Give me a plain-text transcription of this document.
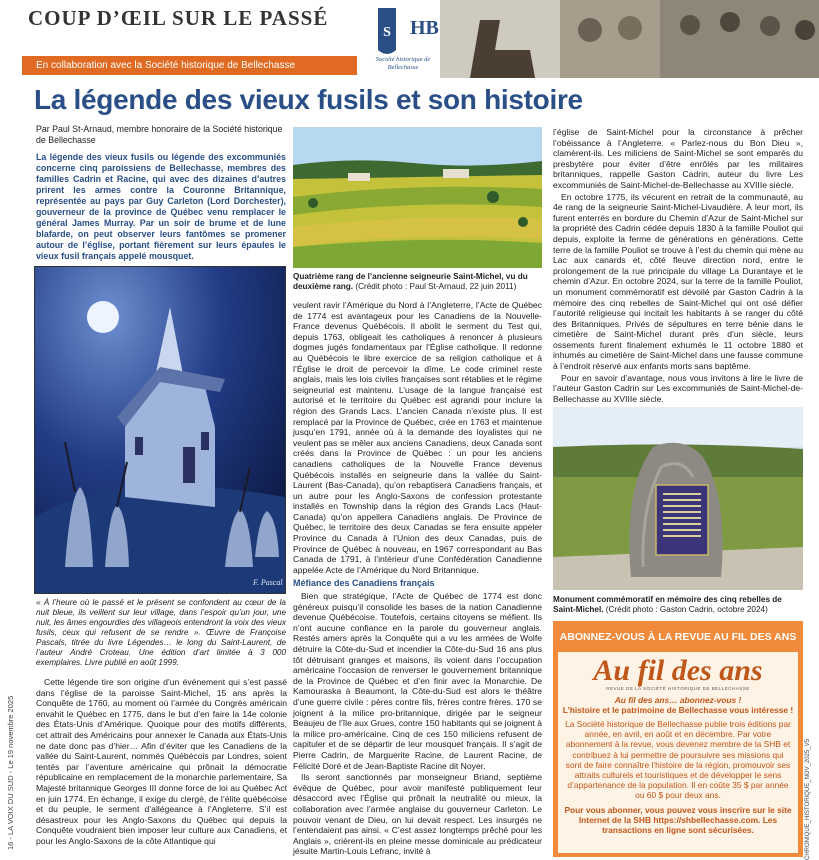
COUP D’ŒIL SUR LE PASSÉ
En collaboration avec la Société historique de Bellechasse
S HB
Société historique de Bellechasse
La légende des vieux fusils et son histoire
Par Paul St-Arnaud, membre honoraire de la Société historique de Bellechasse
La légende des vieux fusils ou légende des excommuniés concerne cinq paroissiens de Bellechasse, membres des familles Cadrin et Racine, qui avec des dizaines d’autres prirent les armes contre la Couronne Britannique, représentée au pays par Guy Carleton (Lord Dorchester), gouverneur de la province de Québec venu remplacer le général James Murray. Par un soir de brume et de lune blafarde, on peut observer leurs fantômes se promener autour de l’église, portant fièrement sur leurs épaules le vieux fusil français appelé mousquet.
F. Pascal
« À l’heure où le passé et le présent se confondent au cœur de la nuit bleue, ils veillent sur leur village, dans l’espoir qu’un jour, une nuit, les âmes engourdies des villageois entendront la voix des vieux fusils, ceux qui refusent de se rendre ». Œuvre de Françoise Pascals, titrée du livre Légendes… le long du Saint-Laurent, de l’auteur André Croteau. Une édition d’art limitée à 3 000 exemplaires. Livre publié en août 1999.

Cette légende tire son origine d’un événement qui s’est passé dans l’église de la paroisse Saint-Michel, 15 ans après la Conquête de 1760, au moment où l’armée du Congrès américain envahit le Québec en 1775, dans le but d’en faire la 14e colonie des États-Unis d’Amérique. Quoique pour des motifs différents, cet attrait des Américains pour annexer le Canada aux États-Unis ne date donc pas d’hier… Afin d’éviter que les Canadiens de la vallée du Saint-Laurent, nommés Québécois par Londres, soient tentés par l’aventure américaine qui prônait la démocratie républicaine en remplacement de la monarchie parlementaire, Sa Majesté britannique Georges III donne force de loi au Québec Act en juin 1774. En échange, il exige du clergé, de l’élite québécoise et du peuple, le serment d’allégeance à l’Angleterre. S’il est désastreux pour les Anglo-Saxons du Québec qui depuis la Conquête voudraient bien imposer leur culture aux Canadiens, et pour les Anglo-Saxons de la côte Atlantique qui

Quatrième rang de l’ancienne seigneurie Saint-Michel, vu du deuxième rang. (Crédit photo : Paul St-Arnaud, 22 juin 2011)

veulent ravir l’Amérique du Nord à l’Angleterre, l’Acte de Québec de 1774 est avantageux pour les Canadiens de la Nouvelle-France devenus Québécois. Il abolit le serment du Test qui, depuis 1763, obligeait les catholiques à renoncer à plusieurs dogmes jugés fondamentaux par l’Église catholique. Il redonne au Québécois le libre exercice de sa religion catholique et à l’Église le droit de percevoir la dîme. Le code criminel reste anglais, mais les lois civiles françaises sont rétablies et le régime seigneurial est maintenu. L’usage de la langue française est autorisé et le territoire du Québec est agrandi pour inclure la région des Grands Lacs. L’ancien Canada n’existe plus. Il est remplacé par la Province de Québec, crée en 1763 et maintenue jusqu’en 1791, année où à la demande des loyalistes qui ne veulent pas se mêler aux anciens Canadiens, deux Canada sont créés dans la Province de Québec : un pour les anciens canadiens catholiques de la Nouvelle France devenus Québécois installés en seigneurie dans la vallée du Saint-Laurent (Bas-Canada), qu’on rebaptisera Canadiens français, et un autre pour les Anglo-Saxons de confession protestante installés en Township dans la région des Grands Lacs (Haut-Canada) qu’on appellera Canadiens anglais. De Province de Québec, le territoire des deux Canadas se fera ensuite appeler Province du Canada à l’Union des deux Canadas, puis de Province de Québec à nouveau, en 1967 correspondant au Bas Canada de 1791, à l’intérieur d’une Confédération Canadienne appelée Acte de l’Amérique du Nord Britannique.

Méfiance des Canadiens français

Bien que stratégique, l’Acte de Québec de 1774 est donc généreux puisqu’il consolide les bases de la nation Canadienne devenue Québécoise. Toutefois, certains citoyens se méfient. Ils n’ont aucune confiance en la parole du gouverneur anglais. Restés amers après la Conquête qui a vu les armées de Wolfe détruire la Côte-du-Sud et incendier la Côte-du-Sud 16 ans plus tôt détruisant granges et maisons, ils voient dans l’occupation américaine l’occasion de renverser le gouvernement britannique de la Province de Québec et d’en finir avec la Monarchie. De Kamouraska à Beaumont, la Côte-du-Sud est alors le théâtre d’une guerre civile : pères contre fils, frères contre frères. 170 se joignent à la milice pro-britannique, dirigée par le seigneur Beaujeu de l’île aux Grues, contre 150 habitants qui se joignent à la milice pro-américaine. Cinq de ces 150 miliciens refusent de capituler et de se départir de leur mousquet français. Il s’agit de Pierre Cadrin, de Marguerite Racine, de Laurent Racine, de Félicité Doré et de Jean-Baptiste Racine dit Noyer.

Ils seront sanctionnés par monseigneur Briand, septième évêque de Québec, pour avoir manifesté publiquement leur désaccord avec l’Église qui prônait la neutralité ou mieux, la collaboration avec l’armée anglaise du gouverneur Carleton. Le pouvoir venant de Dieu, on lui devait respect. Les insurgés ne l’entendaient pas ainsi. « C’est assez longtemps prêché pour les Anglais », crièrent-ils en pleine messe dominicale au prédicateur jésuite Martin-Louis Lefranc, invité à

l’église de Saint-Michel pour la circonstance à prêcher l’obéissance à l’Angleterre. « Parlez-nous du Bon Dieu », clamèrent-ils. Les miliciens de Saint-Michel se sont emparés du presbytère pour éviter d’être enrôlés par les militaires britanniques, rappelle Gaston Cadrin, auteur du livre Les excommuniés de Saint-Michel-de-Bellechasse au XVIIIe siècle.

En octobre 1775, ils vécurent en retrait de la communauté, au 4e rang de la seigneurie Saint-Michel-Livaudière. À leur mort, ils furent enterrés en bordure du Chemin d’Azur de Saint-Michel sur la propriété des Cadrin cédée depuis 1830 à la famille Pouliot qui depuis, exploite la ferme de générations en générations. Cette terre de la famille Pouliot se trouve à l’est du chemin qui mène au Lac aux canards et, côté fleuve direction nord, entre le prolongement de la rue principale du village La Durantaye et le chemin d’Azur. En octobre 2024, sur la terre de la famille Pouliot, un monument commémoratif est dévoilé par Gaston Cadrin à la mémoire des cinq rebelles de Saint-Michel qui ont osé défier l’autorité religieuse qui incitait les habitants à se ranger du côté des Britanniques. Privés de sépultures en terre bénie dans le cimetière de Saint-Michel durant près d’un siècle, leurs ossements furent finalement exhumés le 11 octobre 1880 et inhumés au cimetière de Saint-Michel dans une fausse commune à l’endroit réservé aux enfants morts sans baptême.

Pour en savoir d’avantage, nous vous invitons à lire le livre de l’auteur Gaston Cadrin sur Les excommuniés de Saint-Michel-de-Bellechasse au XVIIIe siècle.

Monument commémoratif en mémoire des cinq rebelles de Saint-Michel. (Crédit photo : Gaston Cadrin, octobre 2024)
ABONNEZ-VOUS À LA REVUE AU FIL DES ANS
Au fil des ans
REVUE DE LA SOCIÉTÉ HISTORIQUE DE BELLECHASSE
Au fil des ans… abonnez-vous !
L’histoire et le patrimoine de Bellechasse vous intéresse !
La Société historique de Bellechasse publie trois éditions par année, en avril, en août et en décembre. Par votre abonnement à la revue, vous devenez membre de la SHB et contribuez à lui permettre de poursuivre ses missions qui sont de faire connaître l’histoire de la région, promouvoir ses attraits culturels et touristiques et de développer le sens d’appartenance de la population. Il en coûte 35 $ par année ou 60 $ pour deux ans.
Pour vous abonner, vous pouvez vous inscrire sur le site Internet de la SHB https://shbellechasse.com. Les transactions en ligne sont sécurisées.
16 - LA VOIX DU SUD - Le 19 novembre 2025	CHRONIQUE_HISTORIQUE_NOV_2025_V5
